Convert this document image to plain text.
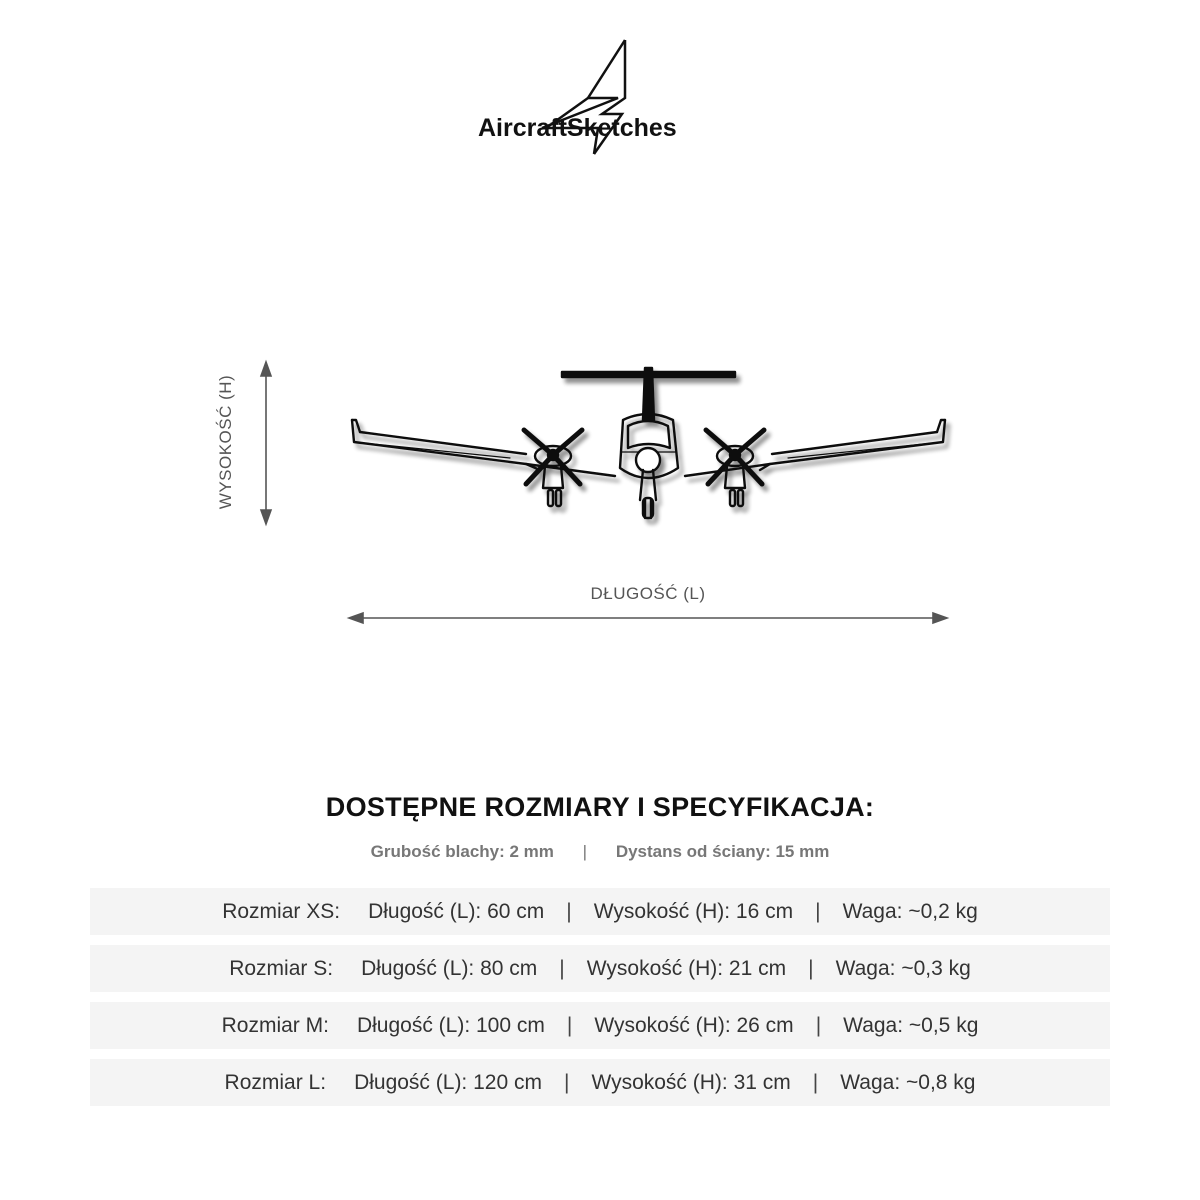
AircraftSketches
WYSOKOŚĆ (H)
DŁUGOŚĆ (L)
DOSTĘPNE ROZMIARY I SPECYFIKACJA:
Grubość blachy: 2 mm | Dystans od ściany: 15 mm
Rozmiar XS: Długość (L): 60 cm | Wysokość (H): 16 cm | Waga: ~0,2 kg
Rozmiar S: Długość (L): 80 cm | Wysokość (H): 21 cm | Waga: ~0,3 kg
Rozmiar M: Długość (L): 100 cm | Wysokość (H): 26 cm | Waga: ~0,5 kg
Rozmiar L: Długość (L): 120 cm | Wysokość (H): 31 cm | Waga: ~0,8 kg
